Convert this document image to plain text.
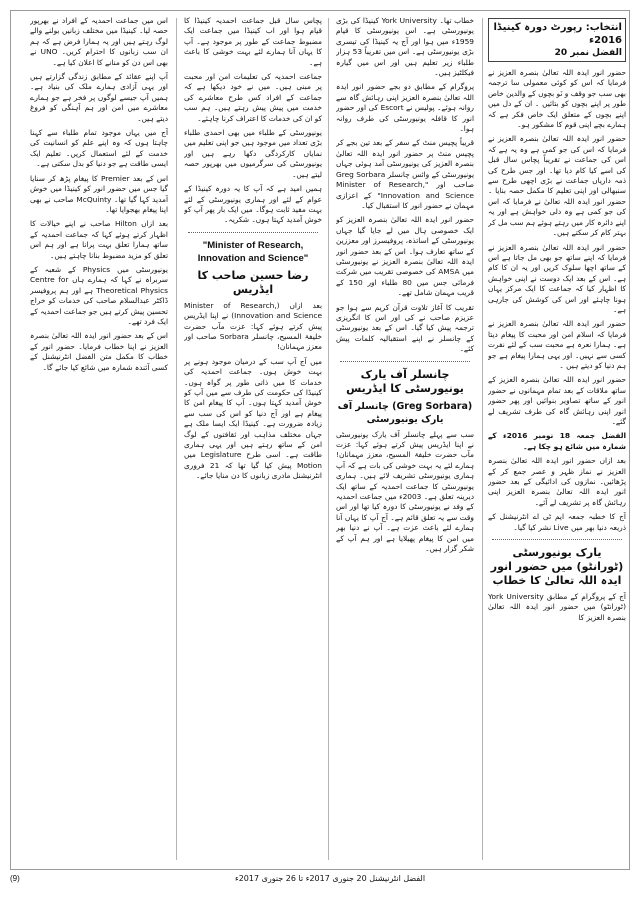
انتخاب: رپورٹ دورہ کینیڈا 2016ء
الفضل نمبر 20

حضور انور ایدہ اللہ تعالیٰ بنصرہ العزیز نے فرمایا کہ اس کو کوئی معمولی سا ترجمہ بھی سب جو وقف و نَو بچوں کے والدین خاص طور پر اپنے بچوں کو بتائیں ۔ ان کے دل میں اپنے بچوں کے متعلق ایک خاص فکر ہے کہ ہمارے بچے اپنی قوم کا مشکور ہو۔

حضور انور ایدہ اللہ تعالیٰ بنصرہ العزیز نے فرمایا کہ اس کی جو کمی ہے وہ یہ ہے کہ اس کی جماعت نے تقریباً پچاس سال قبل کی اسے کیا کام دیا تھا۔ اور جس طرح کی ذمہ داریاں جماعت نے بڑی اچھی طرح سے سنبھالی اور اپنی تعلیم کا مکمل حصہ بنایا ۔ حضور انور ایدہ اللہ تعالیٰ نے فرمایا کہ اس کی جو کمی ہے وہ دلی خواہش ہے اور یہ اپنے دائرہ کار میں رہتے ہوئے ہم سب مل کر بہتر کام کر سکتے ہیں۔

حضور انور ایدہ اللہ تعالیٰ بنصرہ العزیز نے فرمایا کہ اپنے ساتھ جو بھی مل جاتا ہے اس کے ساتھ اچھا سلوک کریں اور یہ ان کا کام ہے۔ اس کے بعد ایک دوست نے اپنی خواہش کا اظہار کیا کہ جماعت کا ایک مرکز یہاں ہونا چاہئے اور اس کی کوشش کی جارہی ہے۔

حضور انور ایدہ اللہ تعالیٰ بنصرہ العزیز نے فرمایا کہ اسلام امن اور محبت کا پیغام دیتا ہے۔ ہمارا نعرہ ہے محبت سب کے لئے نفرت کسی سے نہیں۔ اور یہی ہمارا پیغام ہے جو ہم دنیا کو دیتے ہیں ۔

حضور انور ایدہ اللہ تعالیٰ بنصرہ العزیز کے ساتھ ملاقات کے بعد تمام مہمانوں نے حضور انور کے ساتھ تصاویر بنوائیں اور پھر حضور انور اپنی رہائش گاہ کی طرف تشریف لے گئے۔

الفضل جمعہ 18 نومبر 2016ء کے شمارہ میں شائع ہو چکا ہے۔

بعد ازاں حضور انور ایدہ اللہ تعالیٰ بنصرہ العزیز نے نماز ظہر و عصر جمع کر کے پڑھائیں۔ نمازوں کی ادائیگی کے بعد حضور انور ایدہ اللہ تعالیٰ بنصرہ العزیز اپنی رہائش گاہ پر تشریف لے آئے۔

آج کا خطبہ جمعہ ایم ٹی اے انٹرنیشنل کے ذریعہ دنیا بھر میں Live نشر کیا گیا۔

یارک یونیورسٹی (ٹورانٹو) میں حضور انور ایدہ اللہ تعالیٰ کا خطاب

آج کے پروگرام کے مطابق York University (ٹورانٹو) میں حضور انور ایدہ اللہ تعالیٰ بنصرہ العزیز کا

خطاب تھا۔ York University کینیڈا کی بڑی یونیورسٹی ہے۔ اس یونیورسٹی کا قیام 1959ء میں ہوا اور آج یہ کینیڈا کی تیسری بڑی یونیورسٹی ہے۔ اس میں تقریباً 53 ہزار طلباء زیر تعلیم ہیں اور اس میں گیارہ فیکلٹیز ہیں۔

پروگرام کے مطابق دو بجے حضور انور ایدہ اللہ تعالیٰ بنصرہ العزیز اپنی رہائش گاہ سے روانہ ہوئے۔ پولیس نے Escort کی اور حضور انور کا قافلہ یونیورسٹی کی طرف روانہ ہوا۔

قریباً پچیس منٹ کے سفر کے بعد تین بجے کر پچیس منٹ پر حضور انور ایدہ اللہ تعالیٰ بنصرہ العزیز کی یونیورسٹی آمد ہوئی جہاں یونیورسٹی کے وائس چانسلر Greg Sorbara صاحب اور "Minister of Research, Innovation and Science" کے اعزازی مہمان نے حضور انور کا استقبال کیا۔

حضور انور ایدہ اللہ تعالیٰ بنصرہ العزیز کو ایک خصوصی ہال میں لے جایا گیا جہاں یونیورسٹی کے اساتذہ، پروفیسرز اور معززین کے ساتھ تعارف ہوا۔ اس کے بعد حضور انور ایدہ اللہ تعالیٰ بنصرہ العزیز نے یونیورسٹی میں AMSA کی خصوصی تقریب میں شرکت فرمائی جس میں 80 طلباء اور 150 کے قریب مہمان شامل تھے۔

تقریب کا آغاز تلاوت قرآن کریم سے ہوا جو عزیزم صاحب نے کی اور اس کا انگریزی ترجمہ پیش کیا گیا۔ اس کے بعد یونیورسٹی کے چانسلر نے اپنے استقبالیہ کلمات پیش کئے۔

چانسلر آف یارک یونیورسٹی کا ایڈریس
(Greg Sorbara) چانسلر آف یارک یونیورسٹی

سب سے پہلے چانسلر آف یارک یونیورسٹی نے اپنا ایڈریس پیش کرتے ہوئے کہا: عزت مآب حضرت خلیفۃ المسیح، معزز مہمانان! ہمارے لئے یہ بہت خوشی کی بات ہے کہ آپ ہماری یونیورسٹی تشریف لائے ہیں۔ ہماری یونیورسٹی کا جماعت احمدیہ کے ساتھ ایک دیرینہ تعلق ہے۔ 2003ء میں جماعت احمدیہ کے وفد نے یونیورسٹی کا دورہ کیا تھا اور اس وقت سے یہ تعلق قائم ہے۔ آج آپ کا یہاں آنا ہمارے لئے باعث عزت ہے۔ آپ نے دنیا بھر میں امن کا پیغام پھیلایا ہے اور ہم آپ کے شکر گزار ہیں۔

پچاس سال قبل جماعت احمدیہ کینیڈا کا قیام ہوا اور اب کینیڈا میں جماعت ایک مضبوط جماعت کے طور پر موجود ہے۔ آپ کا یہاں آنا ہمارے لئے بہت خوشی کا باعث ہے۔

جماعت احمدیہ کی تعلیمات امن اور محبت پر مبنی ہیں۔ میں نے خود دیکھا ہے کہ جماعت کے افراد کس طرح معاشرے کی خدمت میں پیش پیش رہتے ہیں۔ ہم سب کو ان کی خدمات کا اعتراف کرنا چاہئے۔

یونیورسٹی کے طلباء میں بھی احمدی طلباء بڑی تعداد میں موجود ہیں جو اپنی تعلیم میں نمایاں کارکردگی دکھا رہے ہیں اور یونیورسٹی کی سرگرمیوں میں بھرپور حصہ لیتے ہیں۔

ہمیں امید ہے کہ آپ کا یہ دورہ کینیڈا کے عوام کے لئے اور ہماری یونیورسٹی کے لئے بہت مفید ثابت ہوگا۔ میں ایک بار پھر آپ کو خوش آمدید کہتا ہوں۔ شکریہ۔

"Minister of Research, Innovation and Science"
رضا حسین صاحب کا ایڈریس

بعد ازاں (Minister of Research, Innovation and Science) نے اپنا ایڈریس پیش کرتے ہوئے کہا: عزت مآب حضرت خلیفۃ المسیح، چانسلر Sorbara صاحب اور معزز مہمانان!

میں آج آپ سب کے درمیان موجود ہونے پر بہت خوش ہوں۔ جماعت احمدیہ کی خدمات کا میں ذاتی طور پر گواہ ہوں۔ کینیڈا کی حکومت کی طرف سے میں آپ کو خوش آمدید کہتا ہوں۔ آپ کا پیغام امن کا پیغام ہے اور آج دنیا کو اس کی سب سے زیادہ ضرورت ہے۔ کینیڈا ایک ایسا ملک ہے جہاں مختلف مذاہب اور ثقافتوں کے لوگ امن کے ساتھ رہتے ہیں اور یہی ہماری طاقت ہے۔ اسی طرح Legislature میں Motion پیش کیا گیا تھا کہ 21 فروری انٹرنیشنل مادری زبانوں کا دن منایا جائے۔

اس میں جماعت احمدیہ کے افراد نے بھرپور حصہ لیا۔ کینیڈا میں مختلف زبانیں بولنے والے لوگ رہتے ہیں اور یہ ہمارا فرض ہے کہ ہم ان سب زبانوں کا احترام کریں۔ UNO نے بھی اس دن کو منانے کا اعلان کیا ہے۔

آپ اپنے عقائد کے مطابق زندگی گزارتے ہیں اور یہی آزادی ہمارے ملک کی بنیاد ہے۔ ہمیں آپ جیسے لوگوں پر فخر ہے جو ہمارے معاشرے میں امن اور ہم آہنگی کو فروغ دیتے ہیں۔

آج میں یہاں موجود تمام طلباء سے کہنا چاہتا ہوں کہ وہ اپنے علم کو انسانیت کی خدمت کے لئے استعمال کریں۔ تعلیم ایک ایسی طاقت ہے جو دنیا کو بدل سکتی ہے۔

اس کے بعد Premier کا پیغام پڑھ کر سنایا گیا جس میں حضور انور کو کینیڈا میں خوش آمدید کہا گیا تھا۔ McQuinty صاحب نے بھی اپنا پیغام بھجوایا تھا۔

بعد ازاں Hilton صاحب نے اپنے خیالات کا اظہار کرتے ہوئے کہا کہ جماعت احمدیہ کے ساتھ ہمارا تعلق بہت پرانا ہے اور ہم اس تعلق کو مزید مضبوط بنانا چاہتے ہیں۔

یونیورسٹی میں Physics کے شعبہ کے سربراہ نے کہا کہ ہمارے ہاں Centre for Theoretical Physics ہے اور ہم پروفیسر ڈاکٹر عبدالسلام صاحب کی خدمات کو خراج تحسین پیش کرتے ہیں جو جماعت احمدیہ کے ایک فرد تھے۔

اس کے بعد حضور انور ایدہ اللہ تعالیٰ بنصرہ العزیز نے اپنا خطاب فرمایا۔ حضور انور کے خطاب کا مکمل متن الفضل انٹرنیشنل کے کسی آئندہ شمارہ میں شائع کیا جائے گا۔

(9)	الفضل انٹرنیشنل 20 جنوری 2017ء تا 26 جنوری 2017ء
